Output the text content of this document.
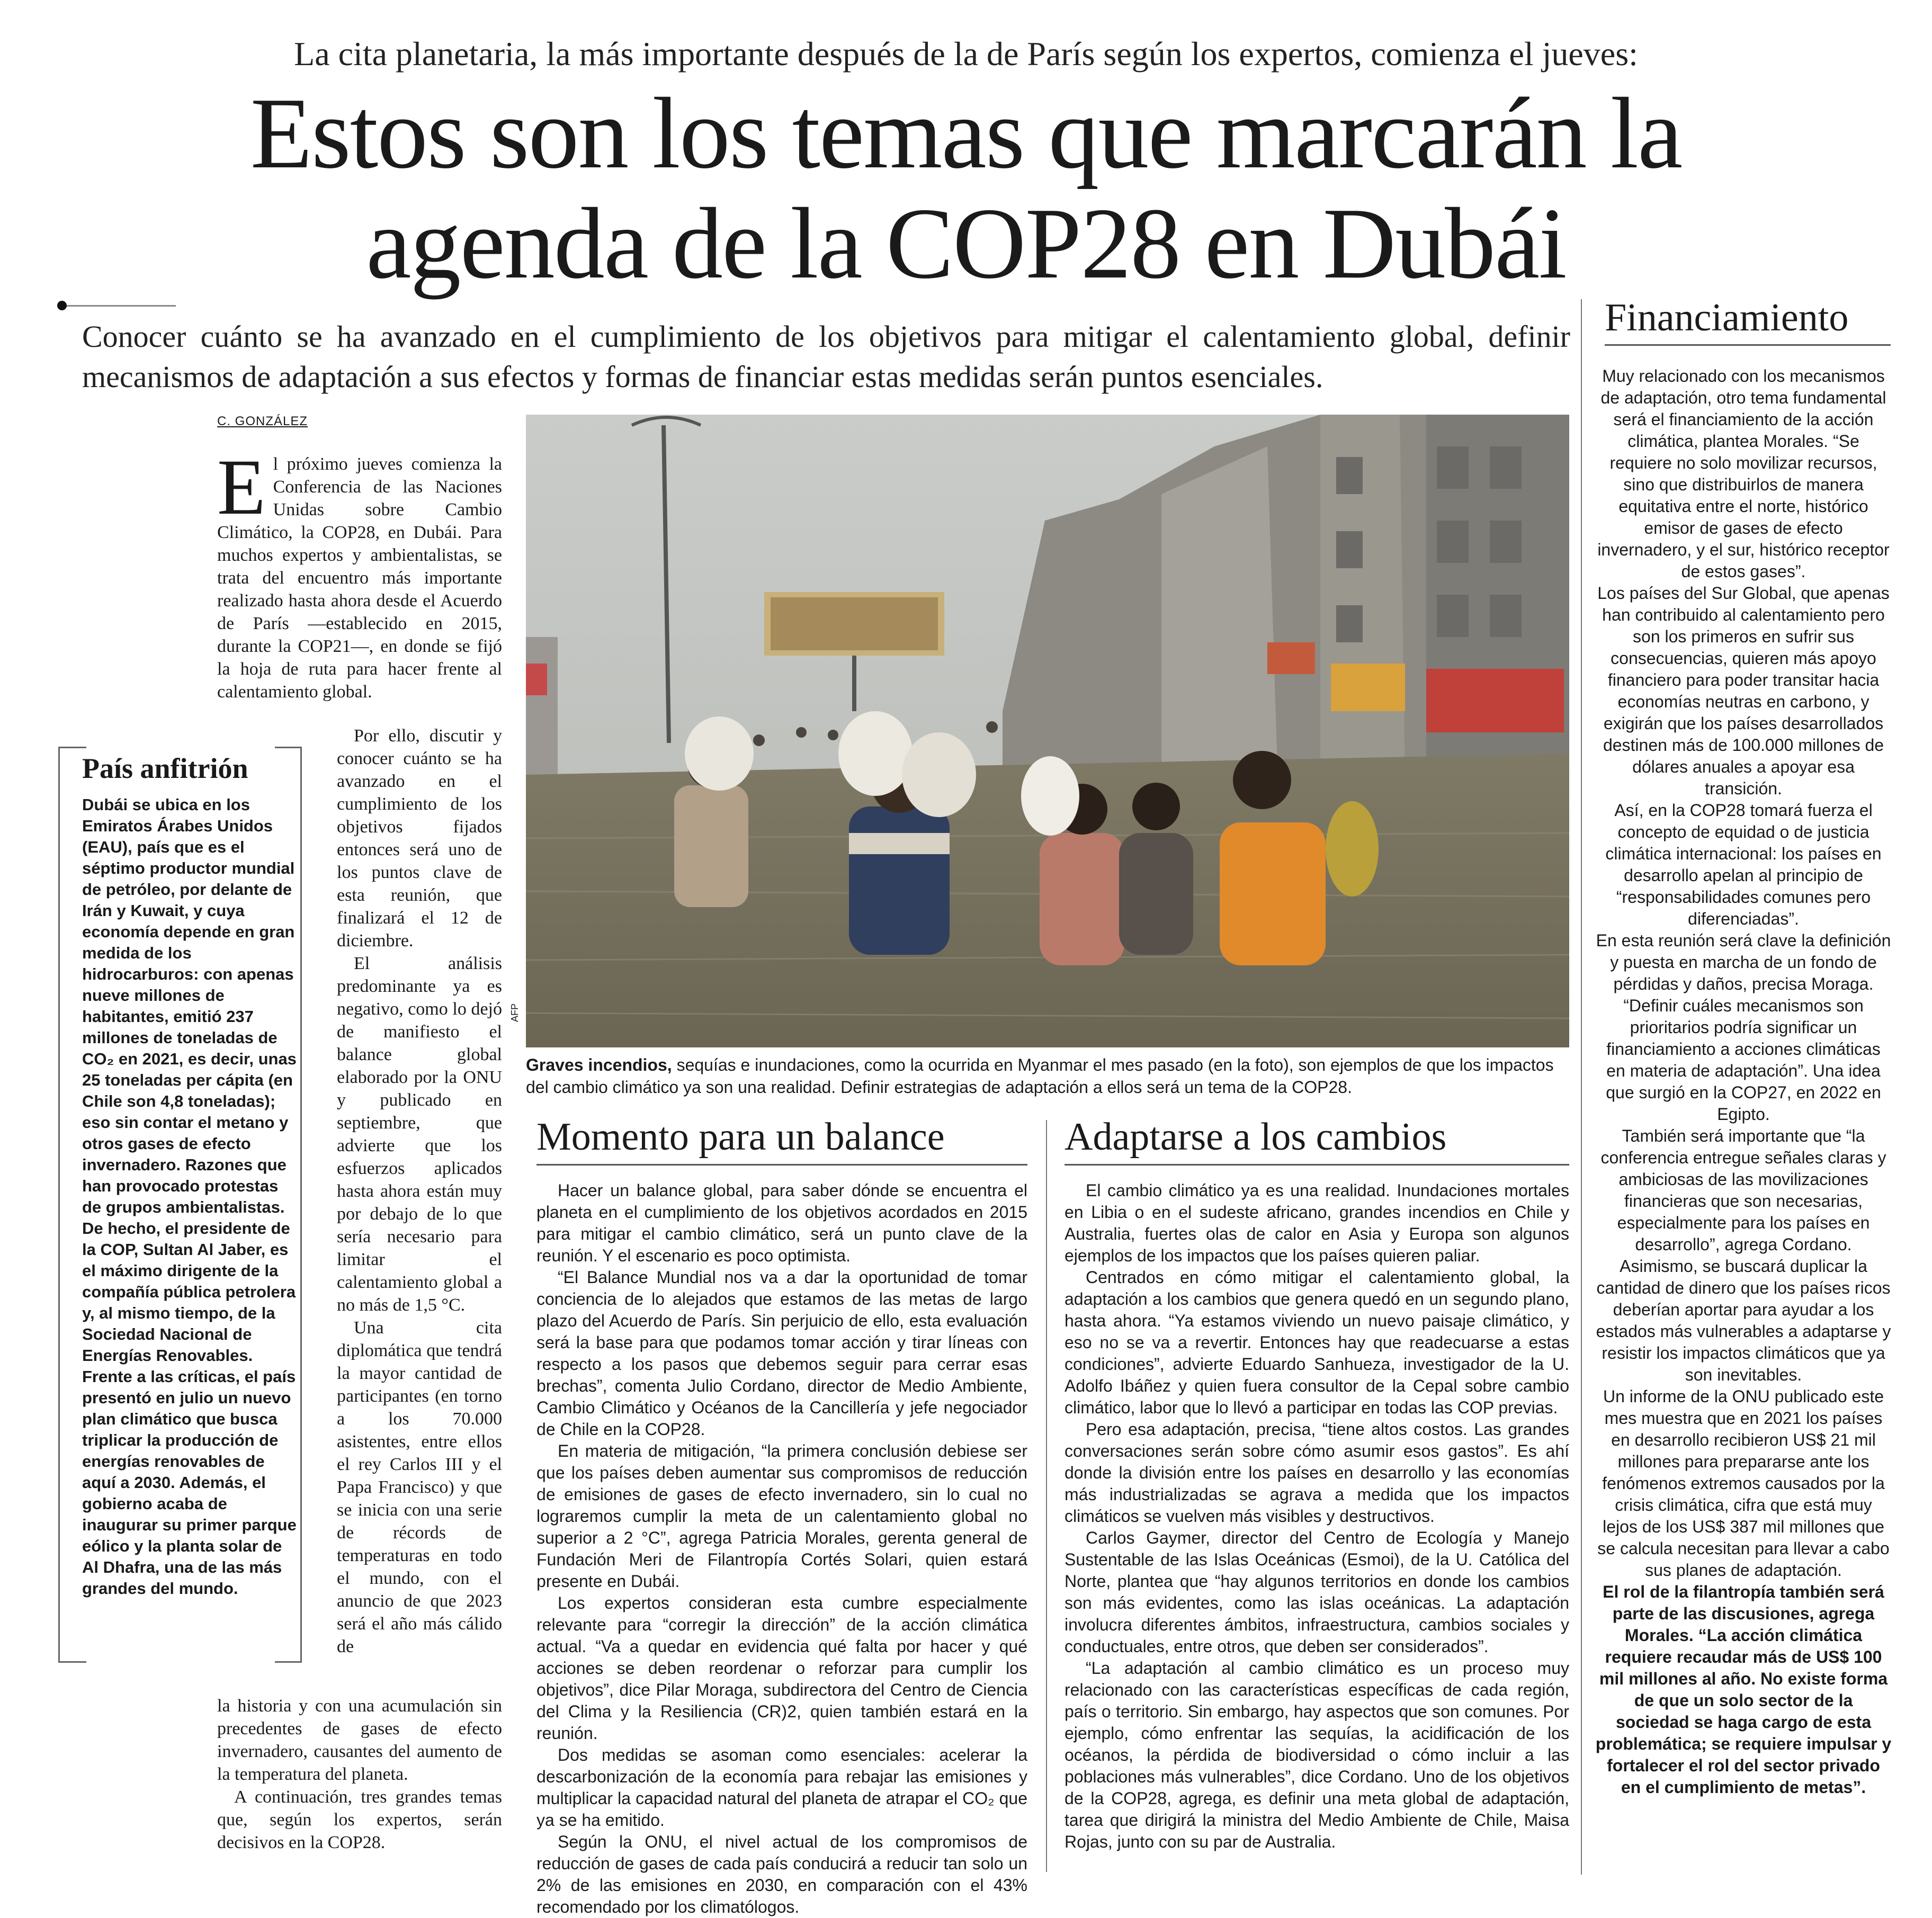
La cita planetaria, la más importante después de la de París según los expertos, comienza el jueves:
Estos son los temas que marcarán la
agenda de la COP28 en Dubái
Conocer cuánto se ha avanzado en el cumplimiento de los objetivos para mitigar el calentamiento global, definir mecanismos de adaptación a sus efectos y formas de financiar estas medidas serán puntos esenciales.
C. GONZÁLEZ
E l próximo jueves comienza la Conferencia de las Naciones Unidas sobre Cambio Climático, la COP28, en Dubái. Para muchos expertos y ambientalistas, se trata del encuentro más importante realizado hasta ahora desde el Acuerdo de París —establecido en 2015, durante la COP21—, en donde se fijó la hoja de ruta para hacer frente al calentamiento global.

Por ello, discutir y conocer cuánto se ha avanzado en el cumplimiento de los objetivos fijados entonces será uno de los puntos clave de esta reunión, que finalizará el 12 de diciembre.

El análisis predominante ya es negativo, como lo dejó de manifiesto el balance global elaborado por la ONU y publicado en septiembre, que advierte que los esfuerzos aplicados hasta ahora están muy por debajo de lo que sería necesario para limitar el calentamiento global a no más de 1,5 °C.

Una cita diplomática que tendrá la mayor cantidad de participantes (en torno a los 70.000 asistentes, entre ellos el rey Carlos III y el Papa Francisco) y que se inicia con una serie de récords de temperaturas en todo el mundo, con el anuncio de que 2023 será el año más cálido de

la historia y con una acumulación sin precedentes de gases de efecto invernadero, causantes del aumento de la temperatura del planeta.

A continuación, tres grandes temas que, según los expertos, serán decisivos en la COP28.

País anfitrión
Dubái se ubica en los Emiratos Árabes Unidos (EAU), país que es el séptimo productor mundial de petróleo, por delante de Irán y Kuwait, y cuya economía depende en gran medida de los hidrocarburos: con apenas nueve millones de habitantes, emitió 237 millones de toneladas de CO₂ en 2021, es decir, unas 25 toneladas per cápita (en Chile son 4,8 toneladas); eso sin contar el metano y otros gases de efecto invernadero. Razones que han provocado protestas de grupos ambientalistas. De hecho, el presidente de la COP, Sultan Al Jaber, es el máximo dirigente de la compañía pública petrolera y, al mismo tiempo, de la Sociedad Nacional de Energías Renovables. Frente a las críticas, el país presentó en julio un nuevo plan climático que busca triplicar la producción de energías renovables de aquí a 2030. Además, el gobierno acaba de inaugurar su primer parque eólico y la planta solar de Al Dhafra, una de las más grandes del mundo.
AFP
Graves incendios, sequías e inundaciones, como la ocurrida en Myanmar el mes pasado (en la foto), son ejemplos de que los impactos del cambio climático ya son una realidad. Definir estrategias de adaptación a ellos será un tema de la COP28.
Momento para un balance

Hacer un balance global, para saber dónde se encuentra el planeta en el cumplimiento de los objetivos acordados en 2015 para mitigar el cambio climático, será un punto clave de la reunión. Y el escenario es poco optimista.

“El Balance Mundial nos va a dar la oportunidad de tomar conciencia de lo alejados que estamos de las metas de largo plazo del Acuerdo de París. Sin perjuicio de ello, esta evaluación será la base para que podamos tomar acción y tirar líneas con respecto a los pasos que debemos seguir para cerrar esas brechas”, comenta Julio Cordano, director de Medio Ambiente, Cambio Climático y Océanos de la Cancillería y jefe negociador de Chile en la COP28.

En materia de mitigación, “la primera conclusión debiese ser que los países deben aumentar sus compromisos de reducción de emisiones de gases de efecto invernadero, sin lo cual no lograremos cumplir la meta de un calentamiento global no superior a 2 °C”, agrega Patricia Morales, gerenta general de Fundación Meri de Filantropía Cortés Solari, quien estará presente en Dubái.

Los expertos consideran esta cumbre especialmente relevante para “corregir la dirección” de la acción climática actual. “Va a quedar en evidencia qué falta por hacer y qué acciones se deben reordenar o reforzar para cumplir los objetivos”, dice Pilar Moraga, subdirectora del Centro de Ciencia del Clima y la Resiliencia (CR)2, quien también estará en la reunión.

Dos medidas se asoman como esenciales: acelerar la descarbonización de la economía para rebajar las emisiones y multiplicar la capacidad natural del planeta de atrapar el CO₂ que ya se ha emitido.

Según la ONU, el nivel actual de los compromisos de reducción de gases de cada país conducirá a reducir tan solo un 2% de las emisiones en 2030, en comparación con el 43% recomendado por los climatólogos.

Adaptarse a los cambios

El cambio climático ya es una realidad. Inundaciones mortales en Libia o en el sudeste africano, grandes incendios en Chile y Australia, fuertes olas de calor en Asia y Europa son algunos ejemplos de los impactos que los países quieren paliar.

Centrados en cómo mitigar el calentamiento global, la adaptación a los cambios que genera quedó en un segundo plano, hasta ahora. “Ya estamos viviendo un nuevo paisaje climático, y eso no se va a revertir. Entonces hay que readecuarse a estas condiciones”, advierte Eduardo Sanhueza, investigador de la U. Adolfo Ibáñez y quien fuera consultor de la Cepal sobre cambio climático, labor que lo llevó a participar en todas las COP previas.

Pero esa adaptación, precisa, “tiene altos costos. Las grandes conversaciones serán sobre cómo asumir esos gastos”. Es ahí donde la división entre los países en desarrollo y las economías más industrializadas se agrava a medida que los impactos climáticos se vuelven más visibles y destructivos.

Carlos Gaymer, director del Centro de Ecología y Manejo Sustentable de las Islas Oceánicas (Esmoi), de la U. Católica del Norte, plantea que “hay algunos territorios en donde los cambios son más evidentes, como las islas oceánicas. La adaptación involucra diferentes ámbitos, infraestructura, cambios sociales y conductuales, entre otros, que deben ser considerados”.

“La adaptación al cambio climático es un proceso muy relacionado con las características específicas de cada región, país o territorio. Sin embargo, hay aspectos que son comunes. Por ejemplo, cómo enfrentar las sequías, la acidificación de los océanos, la pérdida de biodiversidad o cómo incluir a las poblaciones más vulnerables”, dice Cordano. Uno de los objetivos de la COP28, agrega, es definir una meta global de adaptación, tarea que dirigirá la ministra del Medio Ambiente de Chile, Maisa Rojas, junto con su par de Australia.

Financiamiento

Muy relacionado con los mecanismos de adaptación, otro tema fundamental será el financiamiento de la acción climática, plantea Morales. “Se requiere no solo movilizar recursos, sino que distribuirlos de manera equitativa entre el norte, histórico emisor de gases de efecto invernadero, y el sur, histórico receptor de estos gases”.

Los países del Sur Global, que apenas han contribuido al calentamiento pero son los primeros en sufrir sus consecuencias, quieren más apoyo financiero para poder transitar hacia economías neutras en carbono, y exigirán que los países desarrollados destinen más de 100.000 millones de dólares anuales a apoyar esa transición.

Así, en la COP28 tomará fuerza el concepto de equidad o de justicia climática internacional: los países en desarrollo apelan al principio de “responsabilidades comunes pero diferenciadas”.

En esta reunión será clave la definición y puesta en marcha de un fondo de pérdidas y daños, precisa Moraga. “Definir cuáles mecanismos son prioritarios podría significar un financiamiento a acciones climáticas en materia de adaptación”. Una idea que surgió en la COP27, en 2022 en Egipto.

También será importante que “la conferencia entregue señales claras y ambiciosas de las movilizaciones financieras que son necesarias, especialmente para los países en desarrollo”, agrega Cordano.

Asimismo, se buscará duplicar la cantidad de dinero que los países ricos deberían aportar para ayudar a los estados más vulnerables a adaptarse y resistir los impactos climáticos que ya son inevitables.

Un informe de la ONU publicado este mes muestra que en 2021 los países en desarrollo recibieron US$ 21 mil millones para prepararse ante los fenómenos extremos causados por la crisis climática, cifra que está muy lejos de los US$ 387 mil millones que se calcula necesitan para llevar a cabo sus planes de adaptación.

El rol de la filantropía también será parte de las discusiones, agrega Morales. “La acción climática requiere recaudar más de US$ 100 mil millones al año. No existe forma de que un solo sector de la sociedad se haga cargo de esta problemática; se requiere impulsar y fortalecer el rol del sector privado en el cumplimiento de metas”.
